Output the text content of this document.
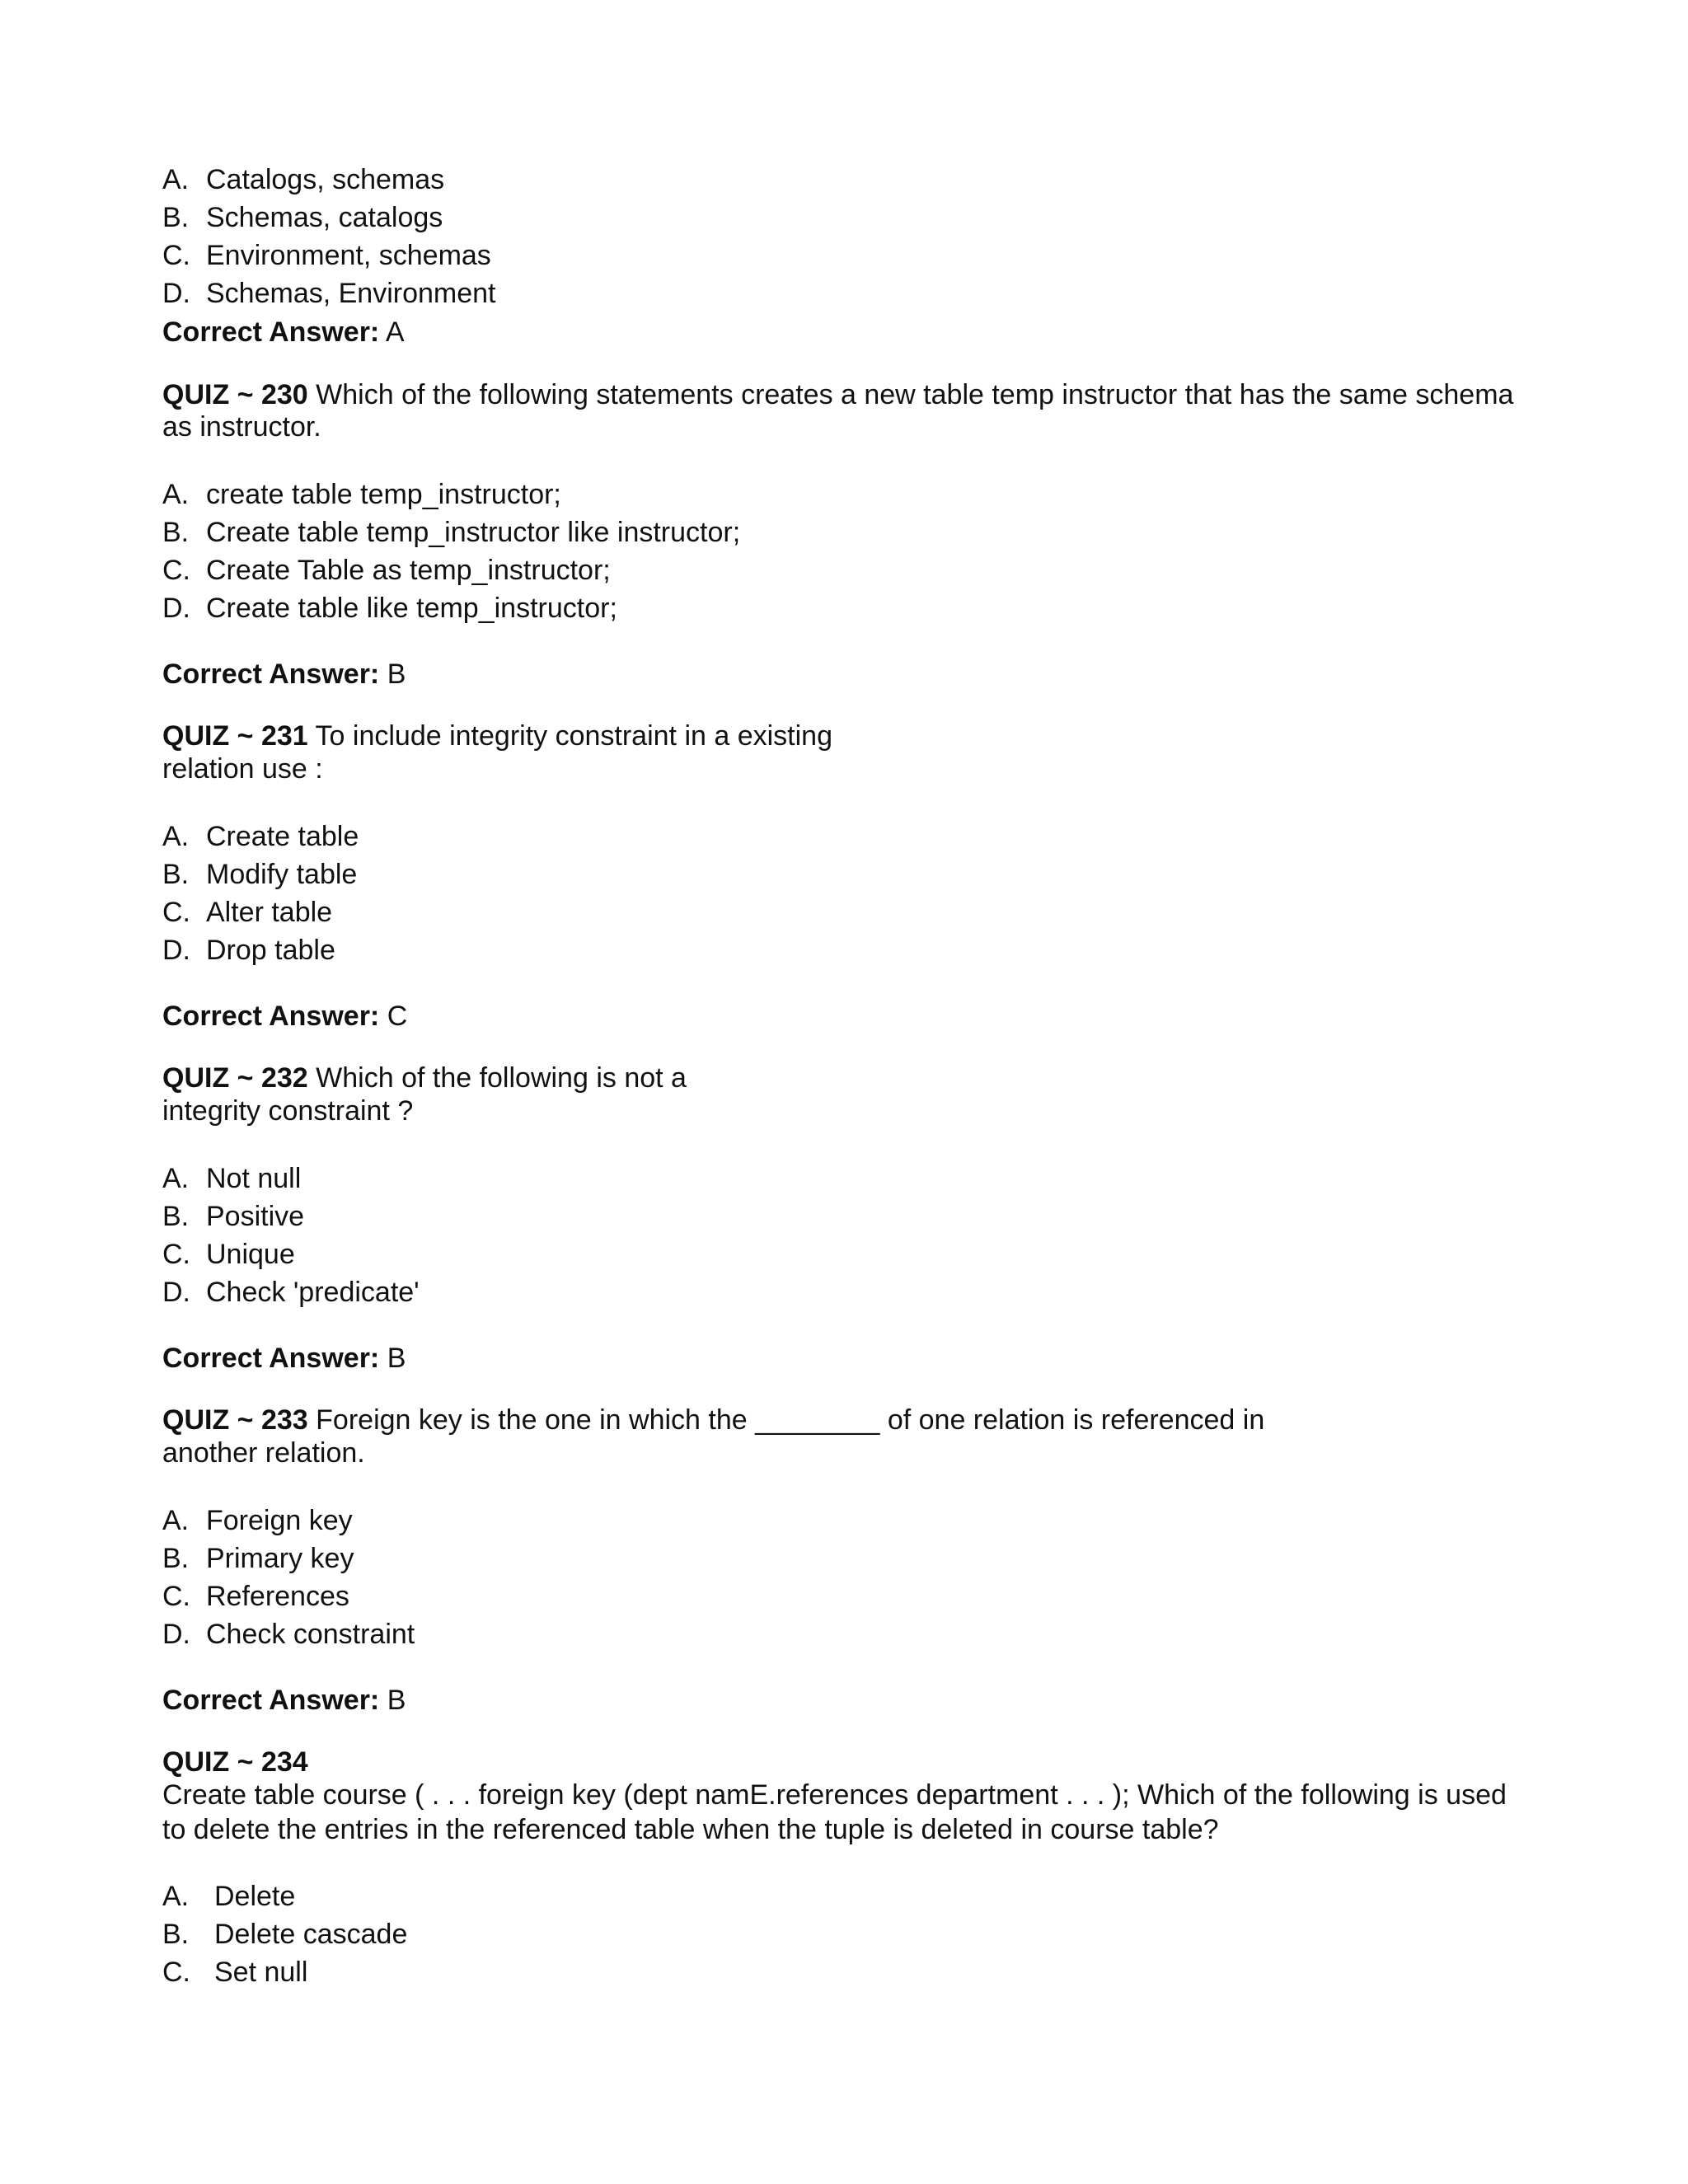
A. Catalogs, schemas
B. Schemas, catalogs
C. Environment, schemas
D. Schemas, Environment
Correct Answer: A
QUIZ ~ 230 Which of the following statements creates a new table temp instructor that has the same schema
as instructor.
A. create table temp_instructor;
B. Create table temp_instructor like instructor;
C. Create Table as temp_instructor;
D. Create table like temp_instructor;
Correct Answer: B
QUIZ ~ 231 To include integrity constraint in a existing
relation use :
A. Create table
B. Modify table
C. Alter table
D. Drop table
Correct Answer: C
QUIZ ~ 232 Which of the following is not a
integrity constraint ?
A. Not null
B. Positive
C. Unique
D. Check 'predicate'
Correct Answer: B
QUIZ ~ 233 Foreign key is the one in which the ________ of one relation is referenced in
another relation.
A. Foreign key
B. Primary key
C. References
D. Check constraint
Correct Answer: B
QUIZ ~ 234
Create table course ( . . . foreign key (dept namE.references department . . . ); Which of the following is used
to delete the entries in the referenced table when the tuple is deleted in course table?
A. Delete
B. Delete cascade
C. Set null
